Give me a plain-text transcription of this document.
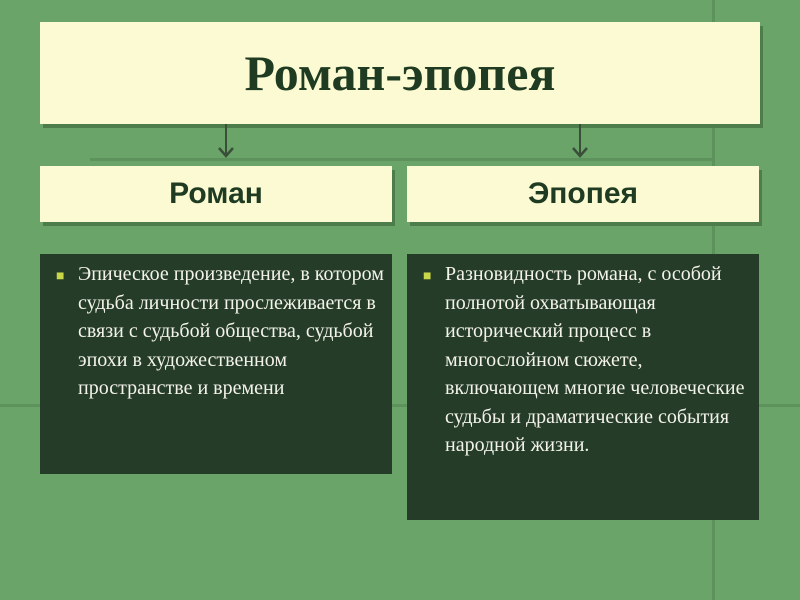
Роман-эпопея
Роман	Эпопея
■ Эпическое произведение, в котором судьба личности прослеживается в связи с судьбой общества, судьбой эпохи в художественном пространстве и времени
■ Разновидность романа, с особой полнотой охватывающая исторический процесс в многослойном сюжете, включающем многие человеческие судьбы и драматические события народной жизни.
